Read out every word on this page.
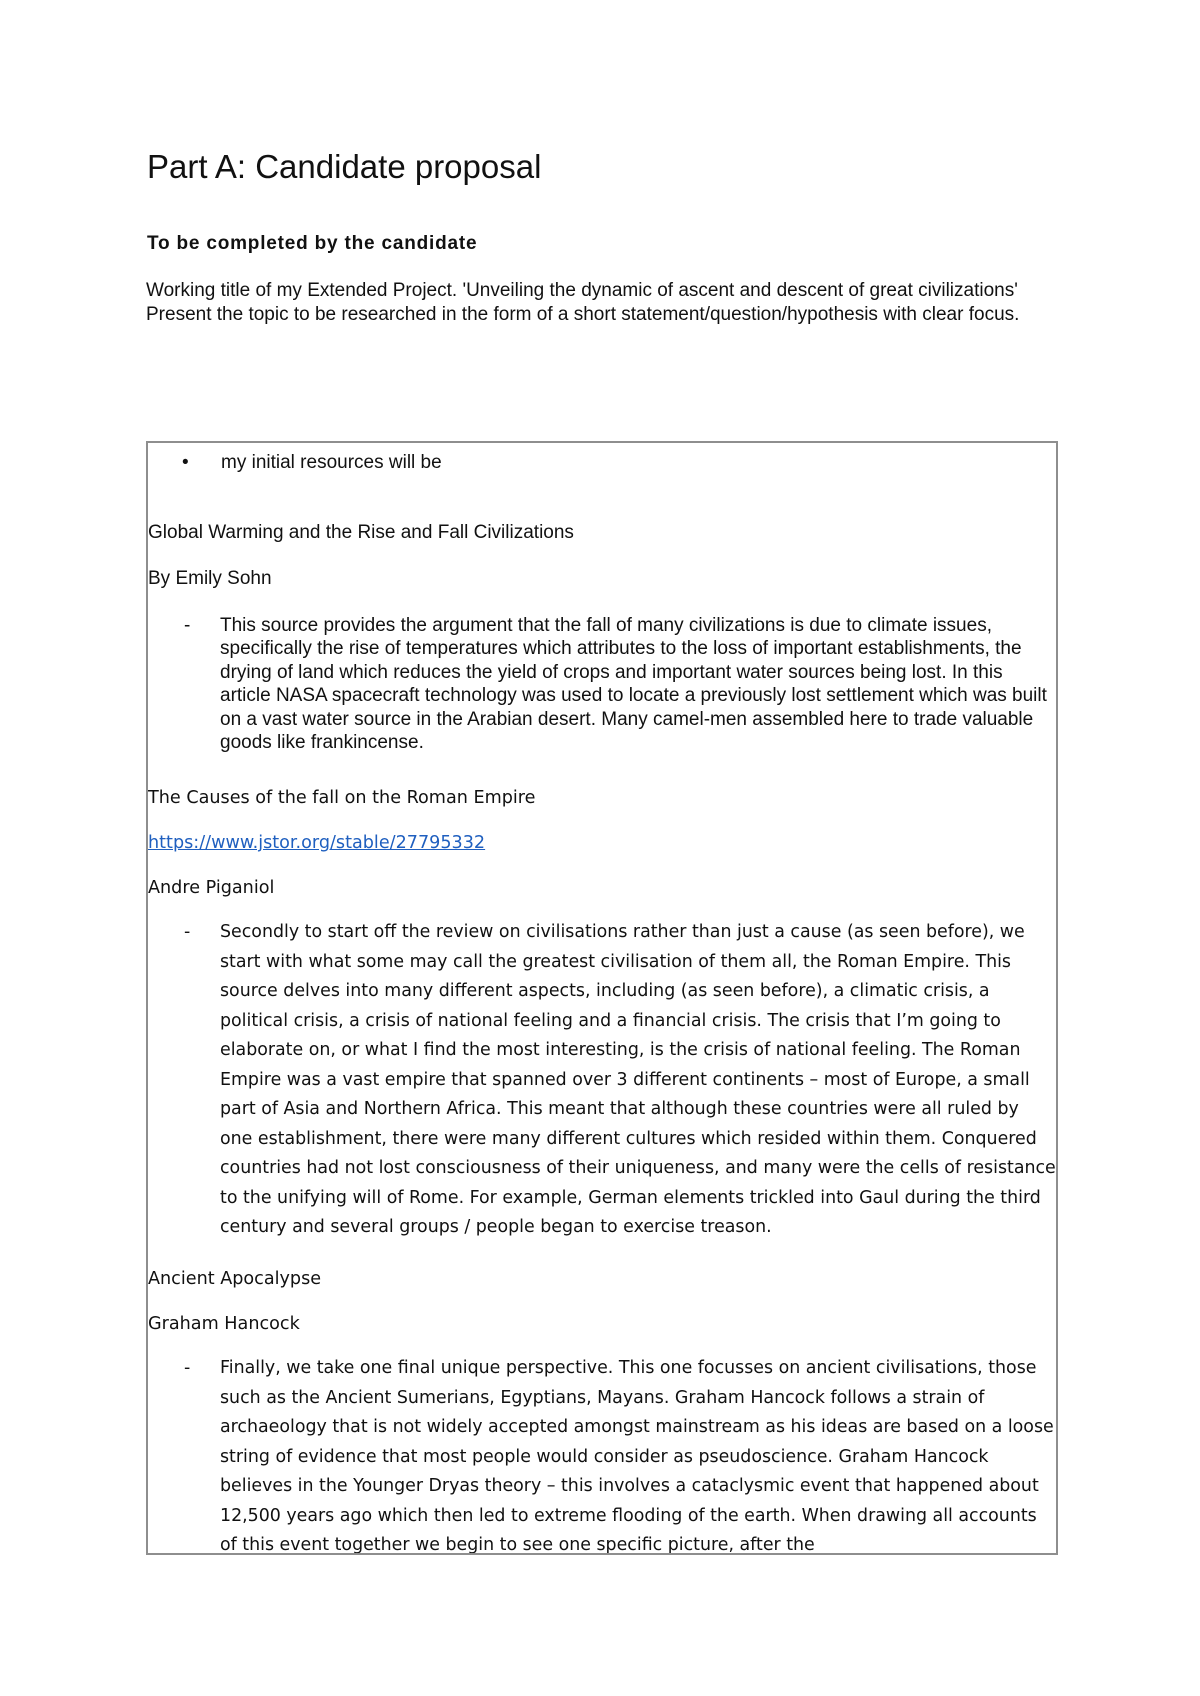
Part A: Candidate proposal
To be completed by the candidate

Working title of my Extended Project. 'Unveiling the dynamic of ascent and descent of great civilizations'

Present the topic to be researched in the form of a short statement/question/hypothesis with clear focus.

• my initial resources will be

Global Warming and the Rise and Fall Civilizations

By Emily Sohn

- This source provides the argument that the fall of many civilizations is due to climate issues, specifically the rise of temperatures which attributes to the loss of important establishments, the drying of land which reduces the yield of crops and important water sources being lost. In this article NASA spacecraft technology was used to locate a previously lost settlement which was built on a vast water source in the Arabian desert. Many camel-men assembled here to trade valuable goods like frankincense.

The Causes of the fall on the Roman Empire

https://www.jstor.org/stable/27795332

Andre Piganiol

- Secondly to start off the review on civilisations rather than just a cause (as seen before), we start with what some may call the greatest civilisation of them all, the Roman Empire. This source delves into many different aspects, including (as seen before), a climatic crisis, a political crisis, a crisis of national feeling and a financial crisis. The crisis that I’m going to elaborate on, or what I find the most interesting, is the crisis of national feeling. The Roman Empire was a vast empire that spanned over 3 different continents – most of Europe, a small part of Asia and Northern Africa. This meant that although these countries were all ruled by one establishment, there were many different cultures which resided within them. Conquered countries had not lost consciousness of their uniqueness, and many were the cells of resistance to the unifying will of Rome. For example, German elements trickled into Gaul during the third century and several groups / people began to exercise treason.

Ancient Apocalypse

Graham Hancock

- Finally, we take one final unique perspective. This one focusses on ancient civilisations, those such as the Ancient Sumerians, Egyptians, Mayans. Graham Hancock follows a strain of archaeology that is not widely accepted amongst mainstream as his ideas are based on a loose string of evidence that most people would consider as pseudoscience. Graham Hancock believes in the Younger Dryas theory – this involves a cataclysmic event that happened about 12,500 years ago which then led to extreme flooding of the earth. When drawing all accounts of this event together we begin to see one specific picture, after the
